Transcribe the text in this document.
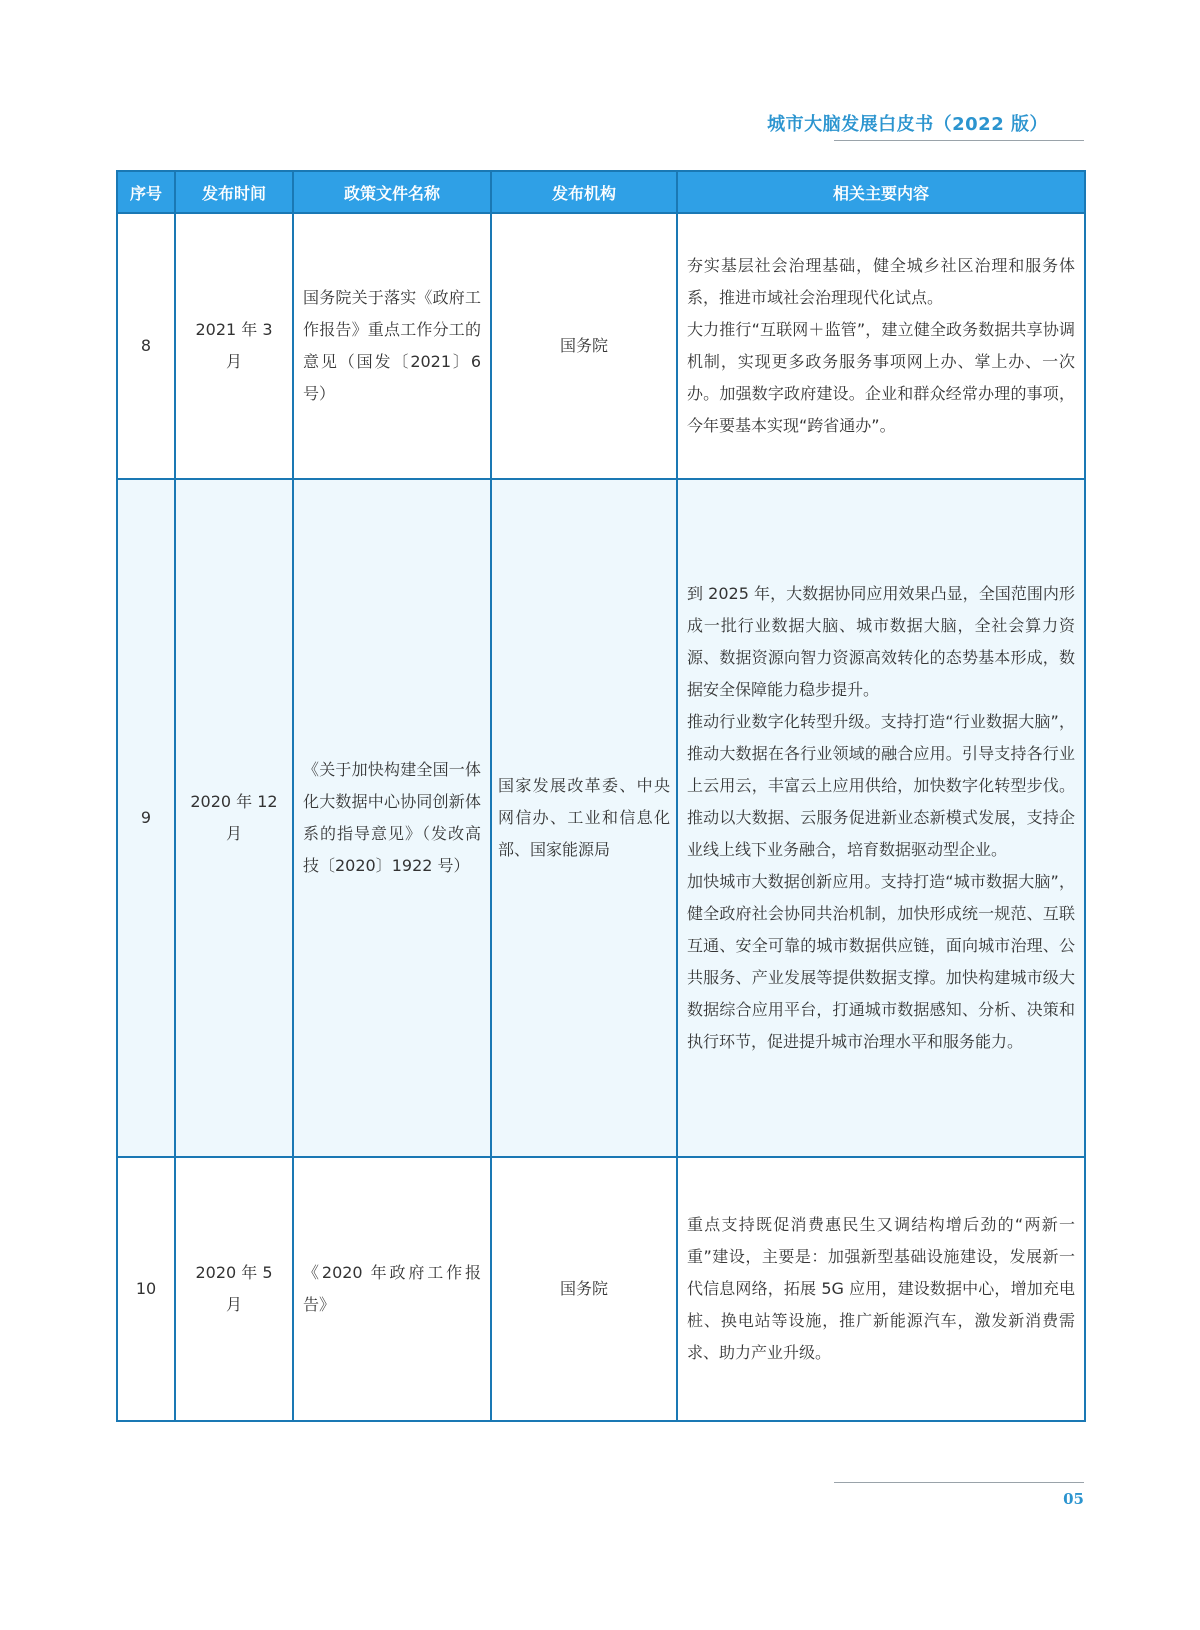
城市大脑发展白皮书（2022 版）
序号	发布时间	政策文件名称	发布机构	相关主要内容
8	2021 年 3 月	国务院关于落实《政府工作报告》重点工作分工的意见（国发〔2021〕6 号）	国务院	夯实基层社会治理基础，健全城乡社区治理和服务体系，推进市域社会治理现代化试点。
大力推行“互联网＋监管”，建立健全政务数据共享协调机制，实现更多政务服务事项网上办、掌上办、一次办。加强数字政府建设。企业和群众经常办理的事项，今年要基本实现“跨省通办”。

9	2020 年 12 月	《关于加快构建全国一体化大数据中心协同创新体系的指导意见》（发改高技〔2020〕1922 号）	国家发展改革委、中央网信办、工业和信息化部、国家能源局	到 2025 年，大数据协同应用效果凸显，全国范围内形成一批行业数据大脑、城市数据大脑，全社会算力资源、数据资源向智力资源高效转化的态势基本形成，数据安全保障能力稳步提升。
推动行业数字化转型升级。支持打造“行业数据大脑”，推动大数据在各行业领域的融合应用。引导支持各行业上云用云，丰富云上应用供给，加快数字化转型步伐。推动以大数据、云服务促进新业态新模式发展，支持企业线上线下业务融合，培育数据驱动型企业。
加快城市大数据创新应用。支持打造“城市数据大脑”，健全政府社会协同共治机制，加快形成统一规范、互联互通、安全可靠的城市数据供应链，面向城市治理、公共服务、产业发展等提供数据支撑。加快构建城市级大数据综合应用平台，打通城市数据感知、分析、决策和执行环节，促进提升城市治理水平和服务能力。

10	2020 年 5 月	《2020 年政府工作报告》	国务院	重点支持既促消费惠民生又调结构增后劲的“两新一重”建设，主要是：加强新型基础设施建设，发展新一代信息网络，拓展 5G 应用，建设数据中心，增加充电桩、换电站等设施，推广新能源汽车，激发新消费需求、助力产业升级。
05
